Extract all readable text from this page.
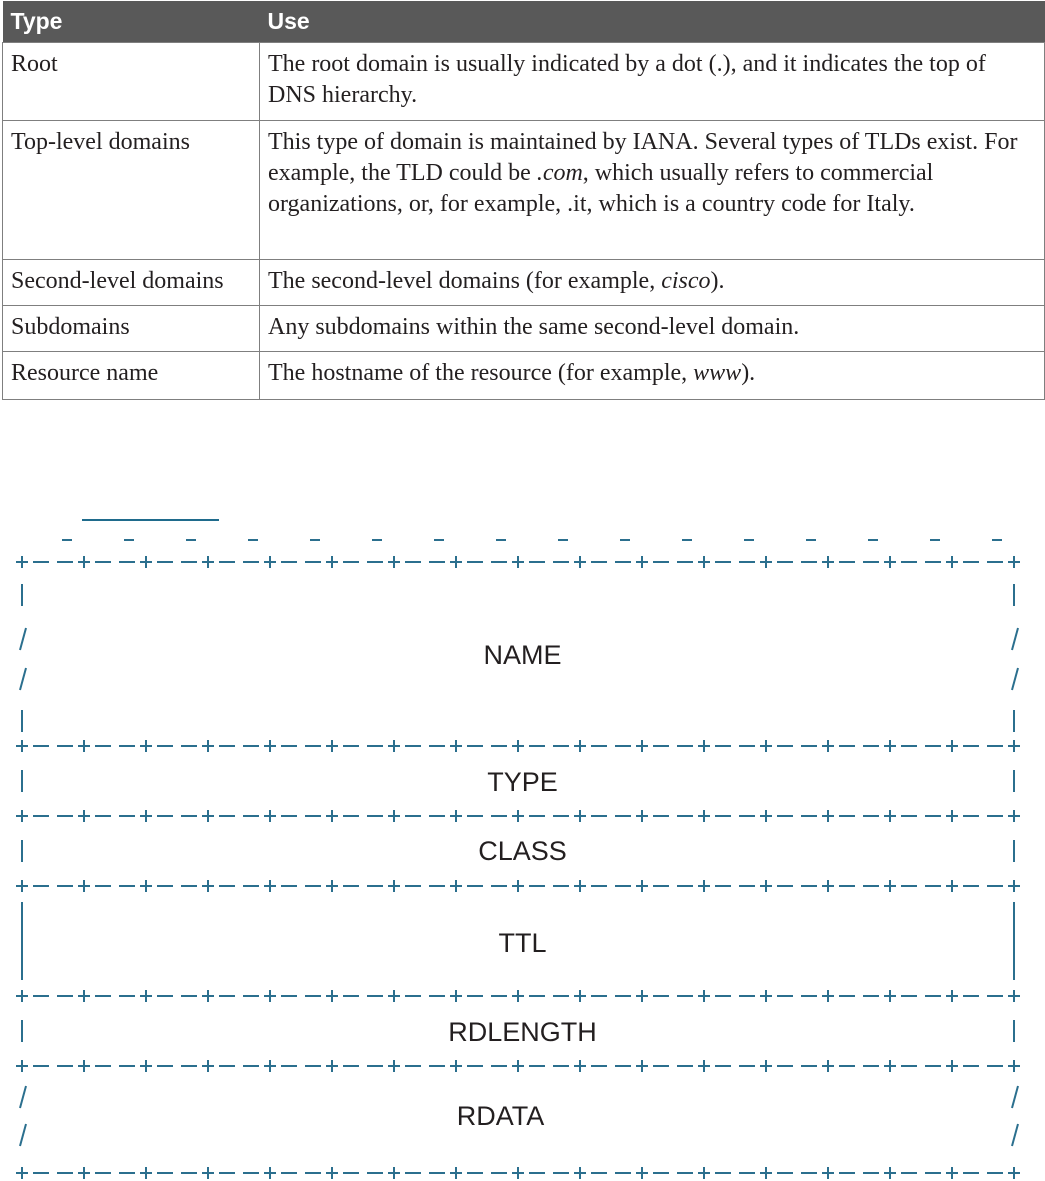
Type	Use
Root	The root domain is usually indicated by a dot (.), and it indicates the top of DNS hierarchy.
Top-level domains	This type of domain is maintained by IANA. Several types of TLDs exist. For example, the TLD could be .com, which usually refers to commercial organizations, or, for example, .it, which is a country code for Italy.
Second-level domains	The second-level domains (for example, cisco).
Subdomains	Any subdomains within the same second-level domain.
Resource name	The hostname of the resource (for example, www).
NAME
TYPE
CLASS
TTL
RDLENGTH
RDATA
